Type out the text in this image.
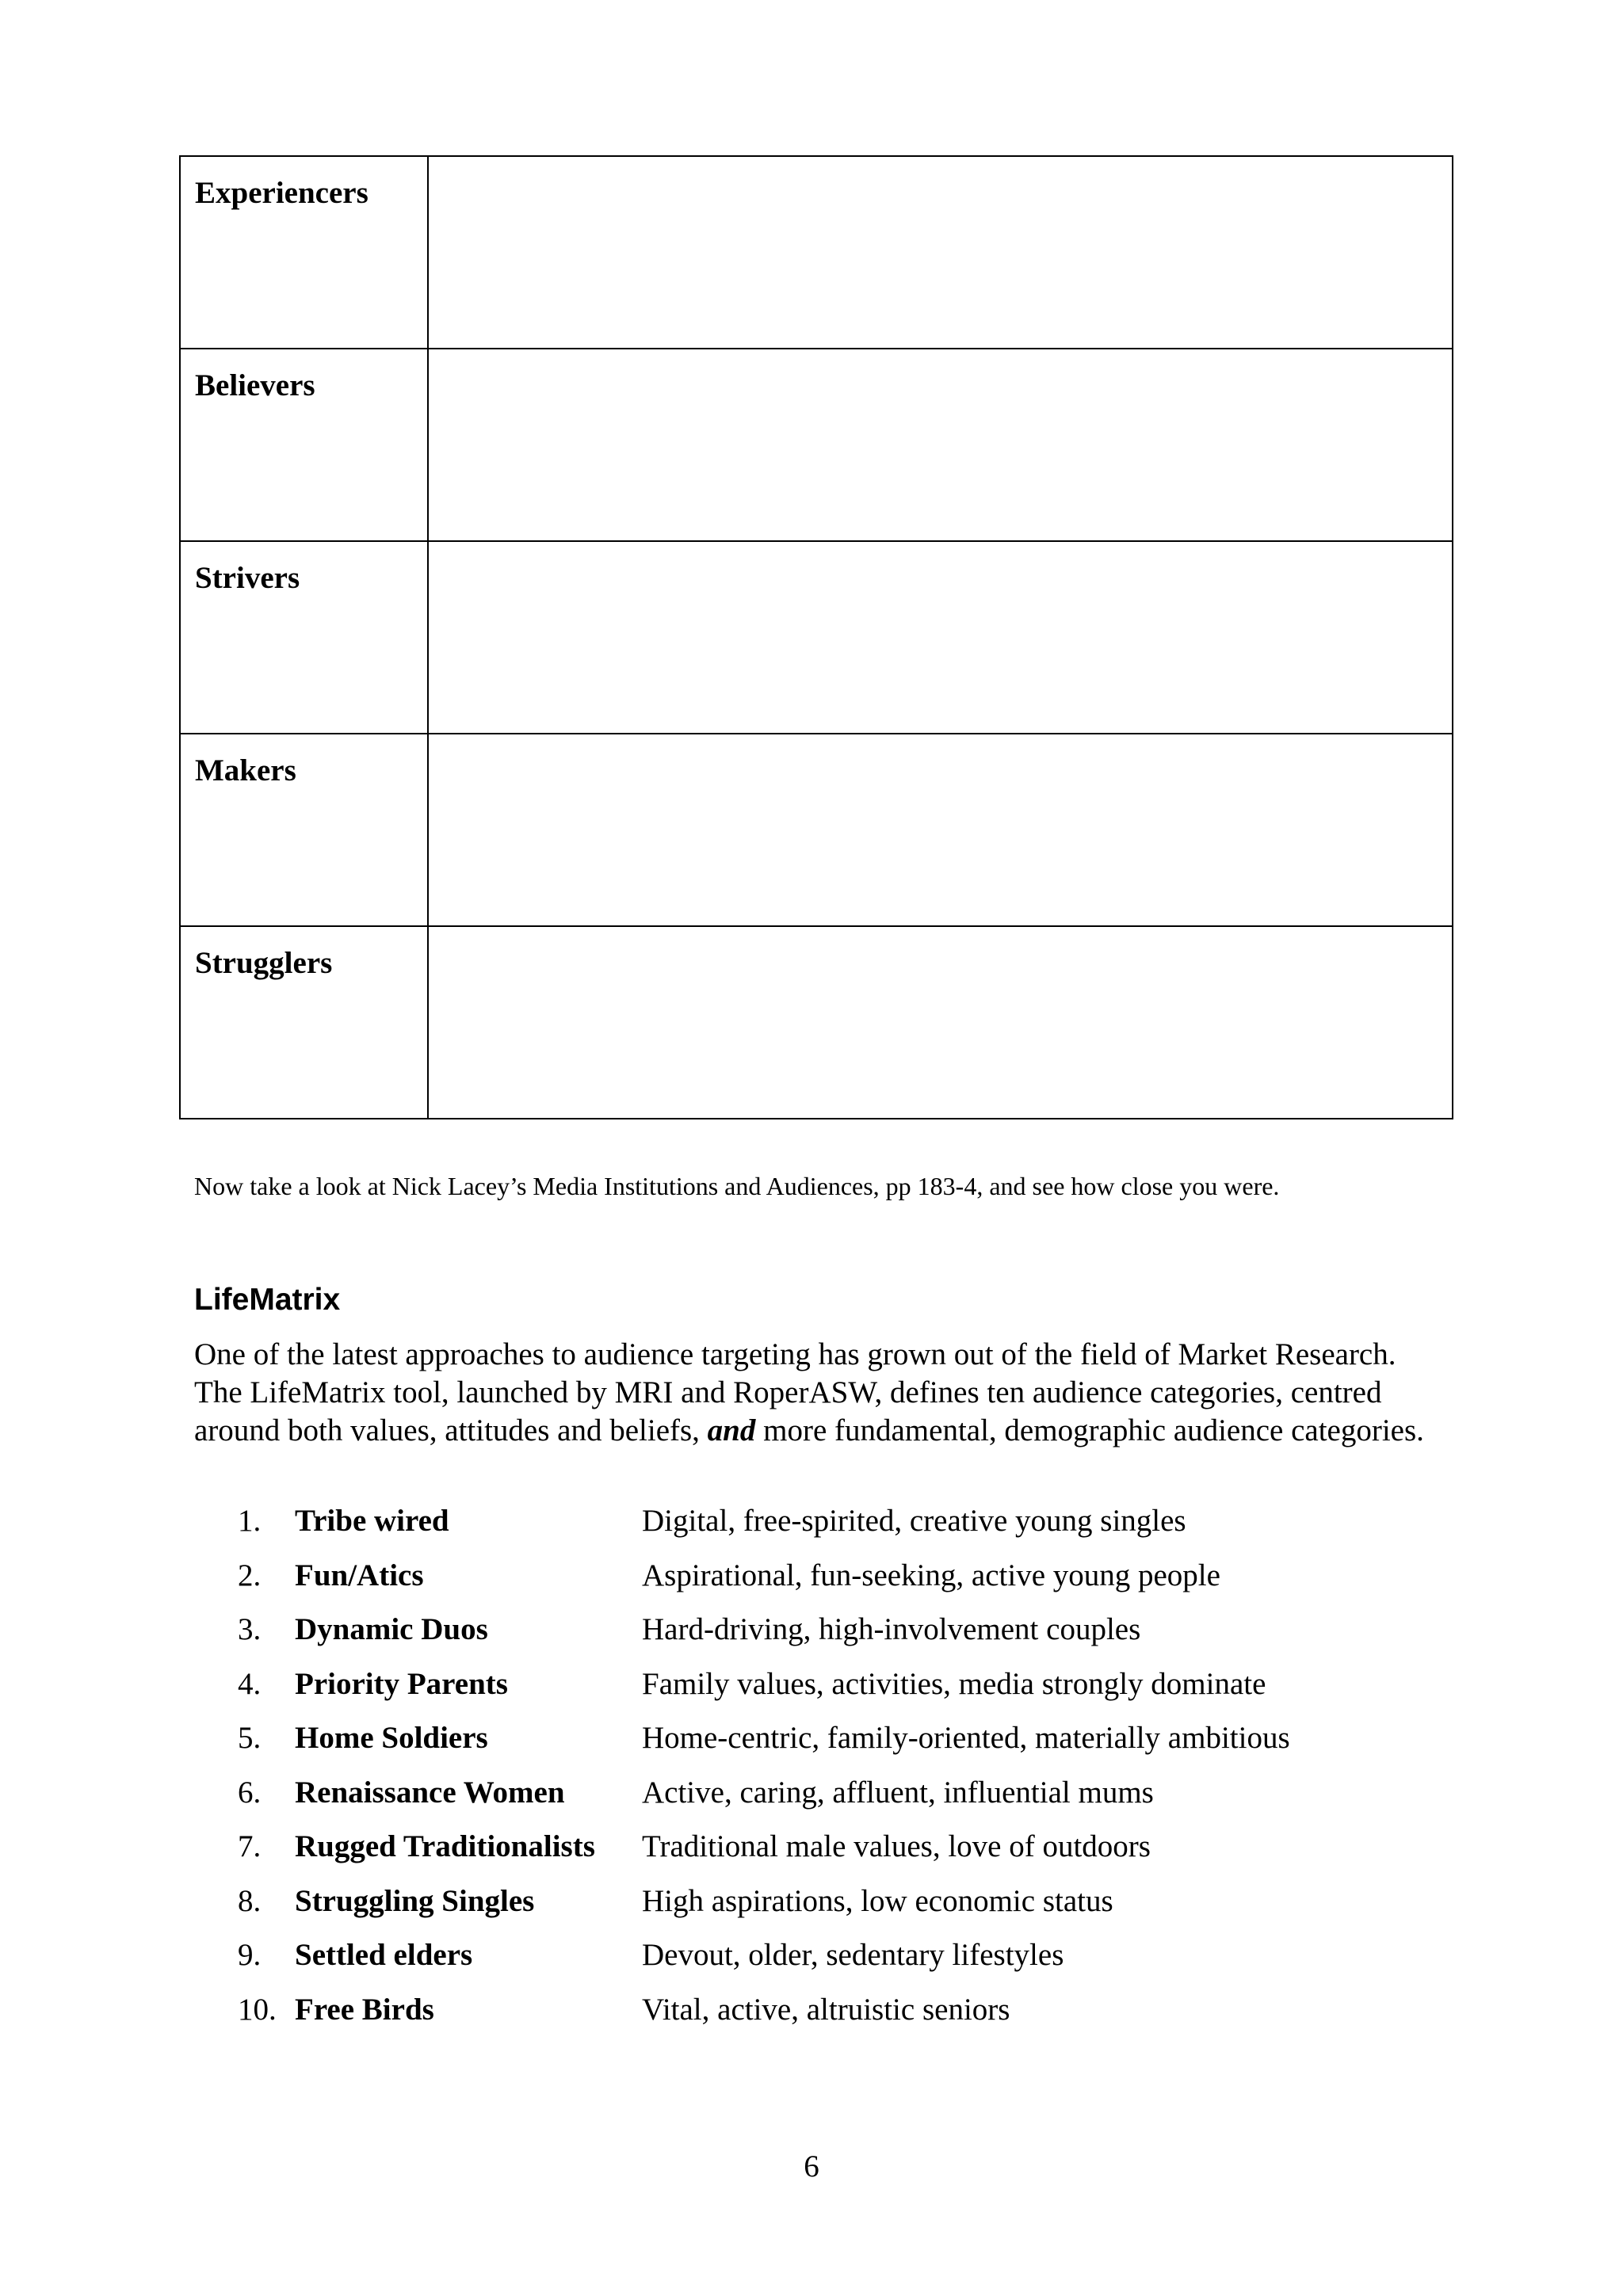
Experiencers	

Believers	

Strivers	

Makers	

Strugglers	

Now take a look at Nick Lacey’s Media Institutions and Audiences, pp 183-4, and see how close you were.
LifeMatrix

One of the latest approaches to audience targeting has grown out of the field of Market Research. The LifeMatrix tool, launched by MRI and RoperASW, defines ten audience categories, centred around both values, attitudes and beliefs, and more fundamental, demographic audience categories.

1.	Tribe wired	Digital, free-spirited, creative young singles
2.	Fun/Atics	Aspirational, fun-seeking, active young people
3.	Dynamic Duos	Hard-driving, high-involvement couples
4.	Priority Parents	Family values, activities, media strongly dominate
5.	Home Soldiers	Home-centric, family-oriented, materially ambitious
6.	Renaissance Women	Active, caring, affluent, influential mums
7.	Rugged Traditionalists	Traditional male values, love of outdoors
8.	Struggling Singles	High aspirations, low economic status
9.	Settled elders	Devout, older, sedentary lifestyles
10. Free Birds	Vital, active, altruistic seniors
6
